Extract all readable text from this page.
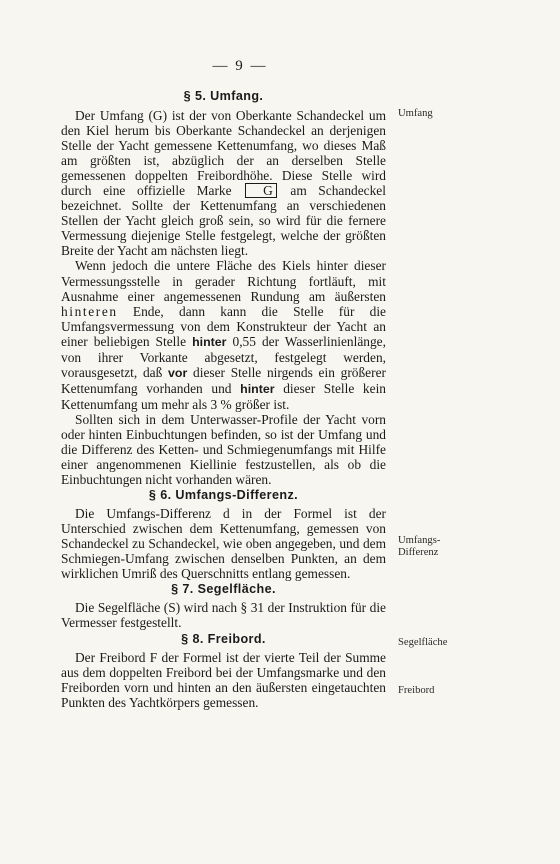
— 9 —
§ 5. Umfang.

Der Umfang (G) ist der von Oberkante Schandeckel um den Kiel herum bis Oberkante Schandeckel an derjenigen Stelle der Yacht gemessene Kettenumfang, wo dieses Maß am größten ist, abzüglich der an derselben Stelle gemessenen doppelten Freibordhöhe. Diese Stelle wird durch eine offizielle Marke G am Schandeckel bezeichnet. Sollte der Kettenumfang an verschiedenen Stellen der Yacht gleich groß sein, so wird für die fernere Vermessung diejenige Stelle festgelegt, welche der größten Breite der Yacht am nächsten liegt.

Wenn jedoch die untere Fläche des Kiels hinter dieser Vermessungsstelle in gerader Richtung fortläuft, mit Ausnahme einer angemessenen Rundung am äußersten hinteren Ende, dann kann die Stelle für die Umfangsvermessung von dem Konstrukteur der Yacht an einer beliebigen Stelle hinter 0,55 der Wasserlinienlänge, von ihrer Vorkante abgesetzt, festgelegt werden, vorausgesetzt, daß vor dieser Stelle nirgends ein größerer Kettenumfang vorhanden und hinter dieser Stelle kein Kettenumfang um mehr als 3 % größer ist.

Sollten sich in dem Unterwasser-Profile der Yacht vorn oder hinten Einbuchtungen befinden, so ist der Umfang und die Differenz des Ketten- und Schmiegenumfangs mit Hilfe einer angenommenen Kiellinie festzustellen, als ob die Einbuchtungen nicht vorhanden wären.

§ 6. Umfangs-Differenz.

Die Umfangs-Differenz d in der Formel ist der Unterschied zwischen dem Kettenumfang, gemessen von Schandeckel zu Schandeckel, wie oben angegeben, und dem Schmiegen-Umfang zwischen denselben Punkten, an dem wirklichen Umriß des Querschnitts entlang gemessen.

§ 7. Segelfläche.

Die Segelfläche (S) wird nach § 31 der Instruktion für die Vermesser festgestellt.

§ 8. Freibord.

Der Freibord F der Formel ist der vierte Teil der Summe aus dem doppelten Freibord bei der Umfangsmarke und den Freiborden vorn und hinten an den äußersten eingetauchten Punkten des Yachtkörpers gemessen.

Umfang
Umfangs-Differenz
Segelfläche
Freibord
